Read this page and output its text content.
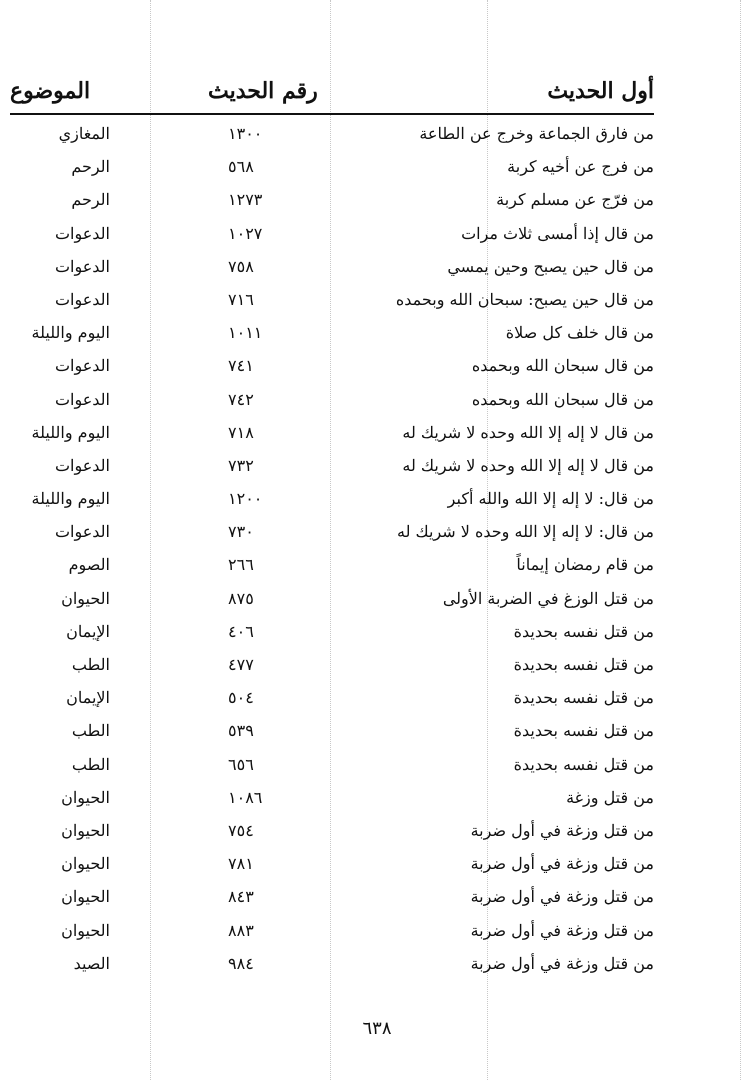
أول الحديث
رقم الحديث
الموضوع
من فارق الجماعة وخرج عن الطاعة
١٣٠٠
المغازي
من فرج عن أخيه كربة
٥٦٨
الرحم
من فرّج عن مسلم كربة
١٢٧٣
الرحم
من قال إذا أمسى ثلاث مرات
١٠٢٧
الدعوات
من قال حين يصبح وحين يمسي
٧٥٨
الدعوات
من قال حين يصبح: سبحان الله وبحمده
٧١٦
الدعوات
من قال خلف كل صلاة
١٠١١
اليوم والليلة
من قال سبحان الله وبحمده
٧٤١
الدعوات
من قال سبحان الله وبحمده
٧٤٢
الدعوات
من قال لا إله إلا الله وحده لا شريك له
٧١٨
اليوم والليلة
من قال لا إله إلا الله وحده لا شريك له
٧٣٢
الدعوات
من قال: لا إله إلا الله والله أكبر
١٢٠٠
اليوم والليلة
من قال: لا إله إلا الله وحده لا شريك له
٧٣٠
الدعوات
من قام رمضان إيماناً
٢٦٦
الصوم
من قتل الوزغ في الضربة الأولى
٨٧٥
الحيوان
من قتل نفسه بحديدة
٤٠٦
الإيمان
من قتل نفسه بحديدة
٤٧٧
الطب
من قتل نفسه بحديدة
٥٠٤
الإيمان
من قتل نفسه بحديدة
٥٣٩
الطب
من قتل نفسه بحديدة
٦٥٦
الطب
من قتل وزغة
١٠٨٦
الحيوان
من قتل وزغة في أول ضربة
٧٥٤
الحيوان
من قتل وزغة في أول ضربة
٧٨١
الحيوان
من قتل وزغة في أول ضربة
٨٤٣
الحيوان
من قتل وزغة في أول ضربة
٨٨٣
الحيوان
من قتل وزغة في أول ضربة
٩٨٤
الصيد
٦٣٨
